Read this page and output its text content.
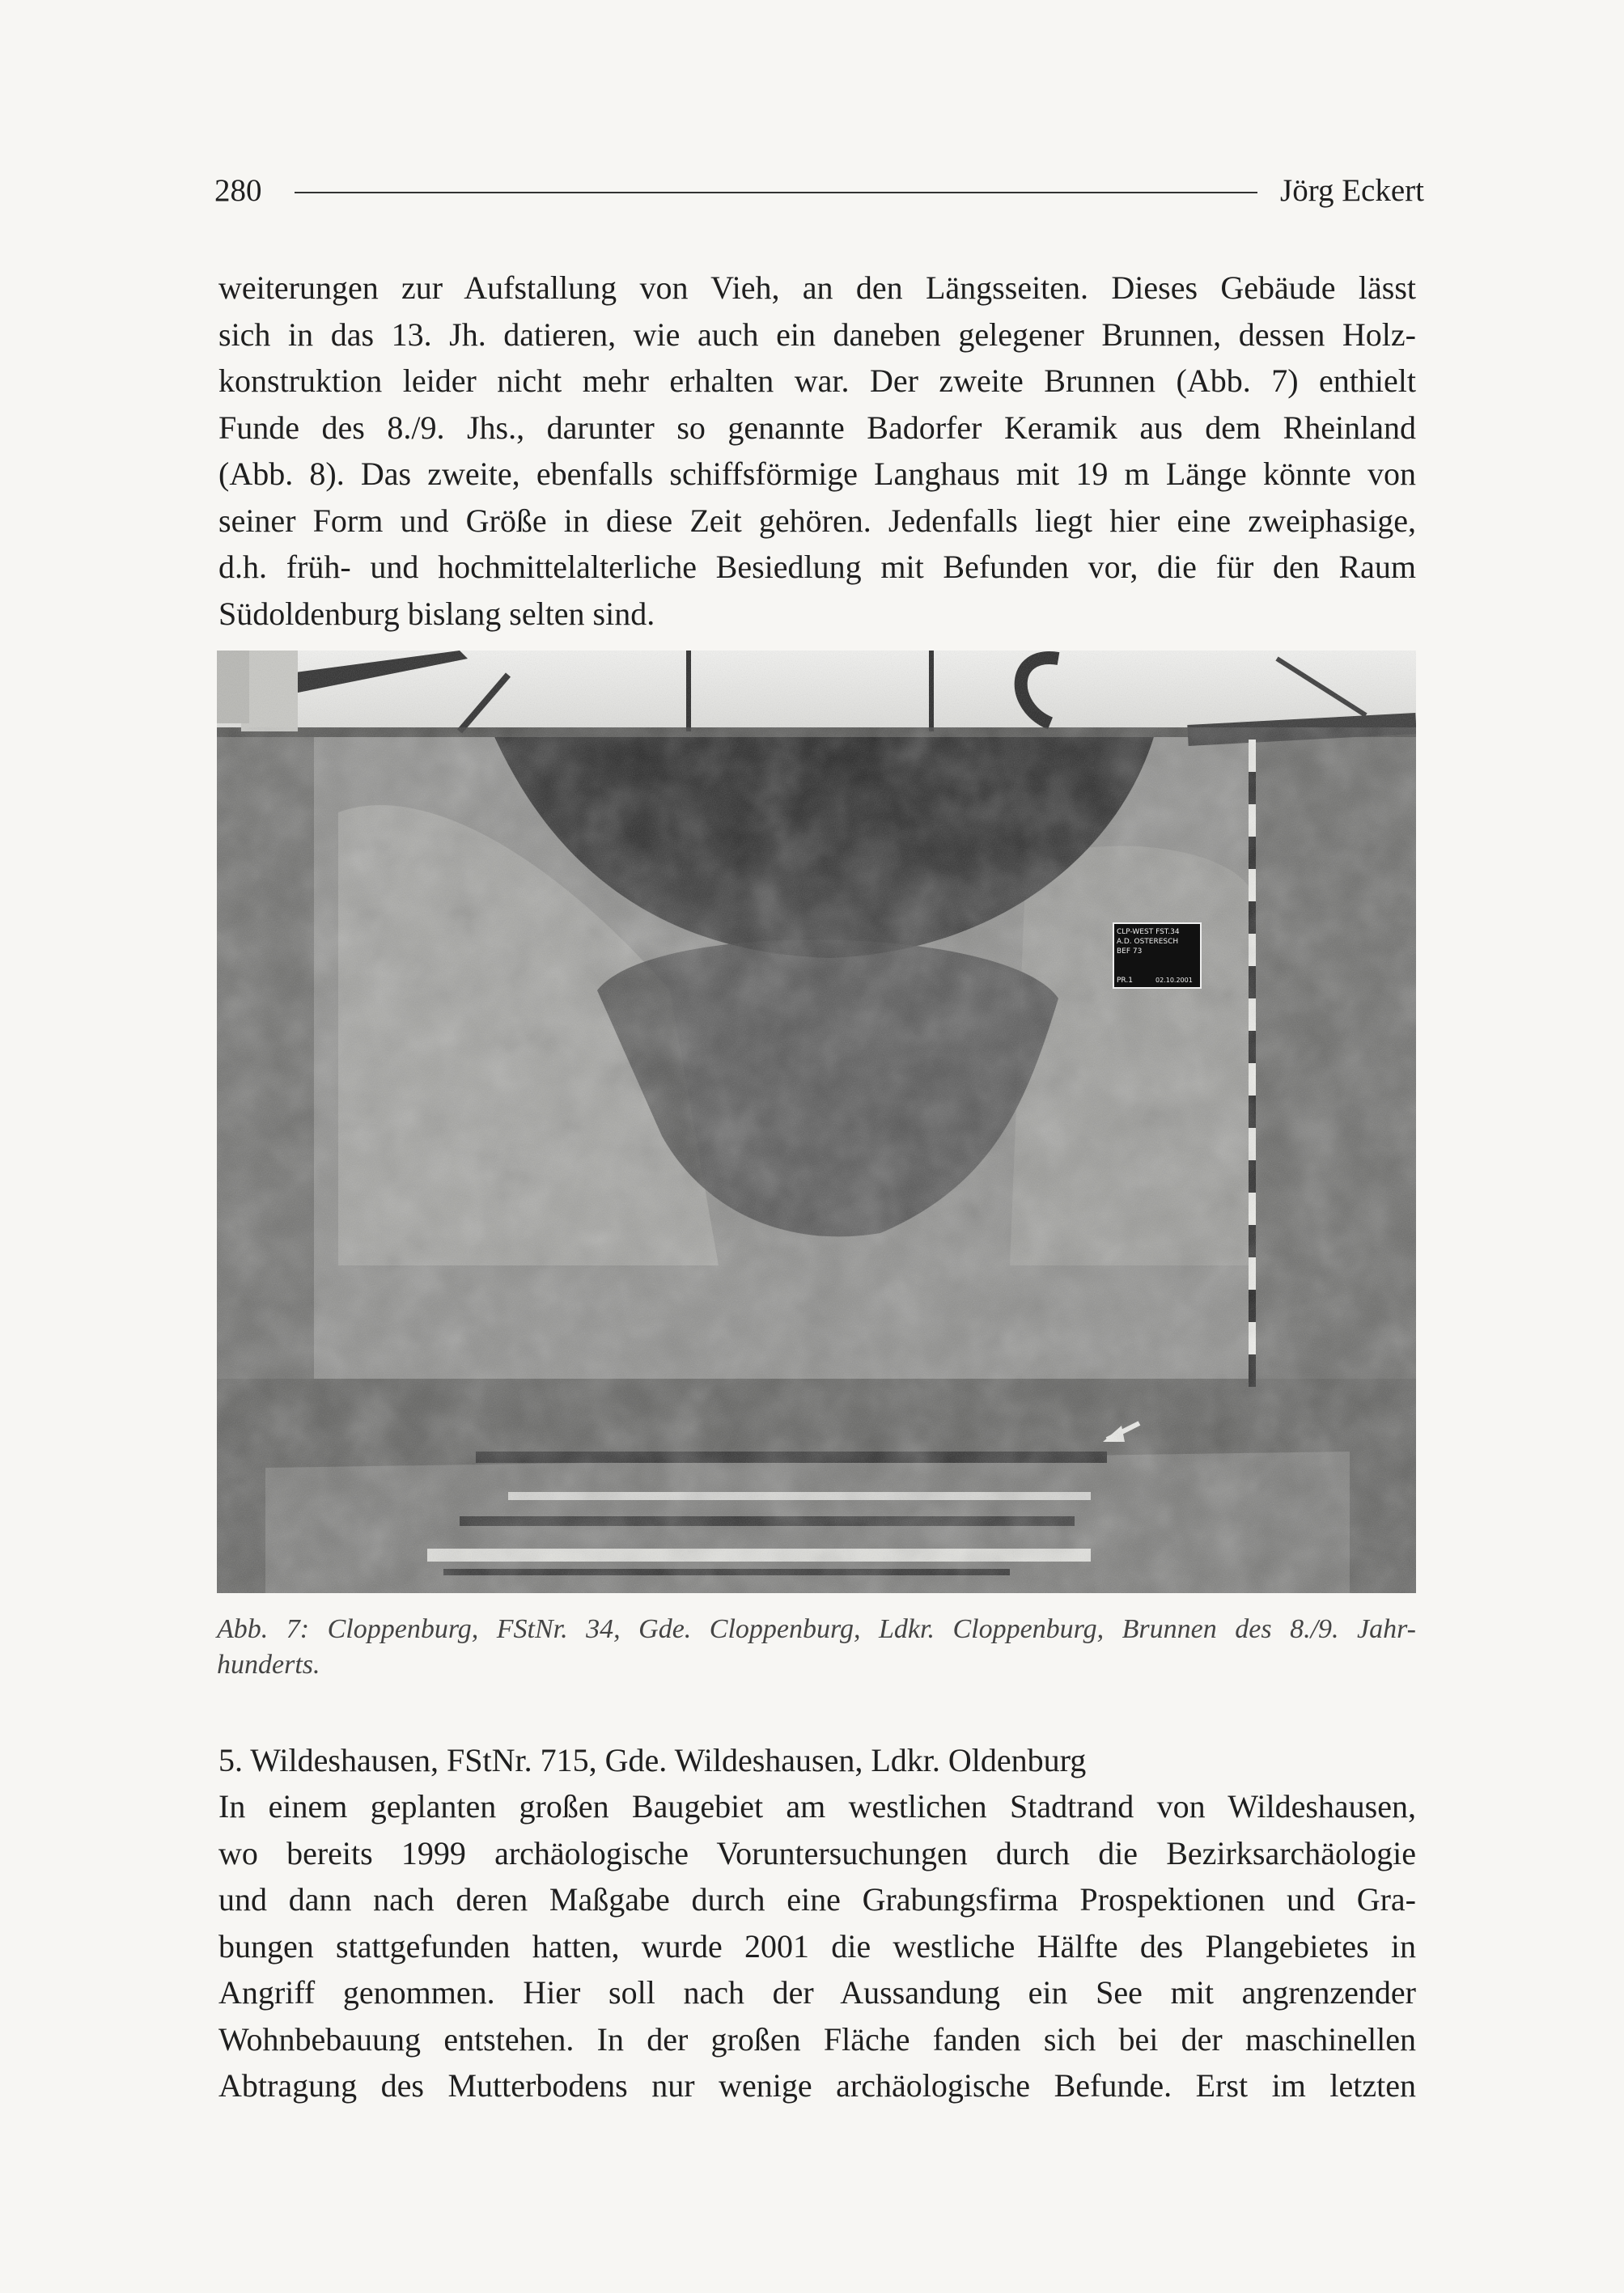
280	Jörg Eckert
weiterungen zur Aufstallung von Vieh, an den Längsseiten. Dieses Gebäude lässt
sich in das 13. Jh. datieren, wie auch ein daneben gelegener Brunnen, dessen Holz-
konstruktion leider nicht mehr erhalten war. Der zweite Brunnen (Abb. 7) enthielt
Funde des 8./9. Jhs., darunter so genannte Badorfer Keramik aus dem Rheinland
(Abb. 8). Das zweite, ebenfalls schiffsförmige Langhaus mit 19 m Länge könnte von
seiner Form und Größe in diese Zeit gehören. Jedenfalls liegt hier eine zweiphasige,
d.h. früh- und hochmittelalterliche Besiedlung mit Befunden vor, die für den Raum
Südoldenburg bislang selten sind.
CLP-WEST FST.34
A.D. OSTERESCH
BEF 73
PR.1	02.10.2001
Abb. 7: Cloppenburg, FStNr. 34, Gde. Cloppenburg, Ldkr. Cloppenburg, Brunnen des 8./9. Jahr-
hunderts.
5. Wildeshausen, FStNr. 715, Gde. Wildeshausen, Ldkr. Oldenburg
In einem geplanten großen Baugebiet am westlichen Stadtrand von Wildeshausen,
wo bereits 1999 archäologische Voruntersuchungen durch die Bezirksarchäologie
und dann nach deren Maßgabe durch eine Grabungsfirma Prospektionen und Gra-
bungen stattgefunden hatten, wurde 2001 die westliche Hälfte des Plangebietes in
Angriff genommen. Hier soll nach der Aussandung ein See mit angrenzender
Wohnbebauung entstehen. In der großen Fläche fanden sich bei der maschinellen
Abtragung des Mutterbodens nur wenige archäologische Befunde. Erst im letzten
